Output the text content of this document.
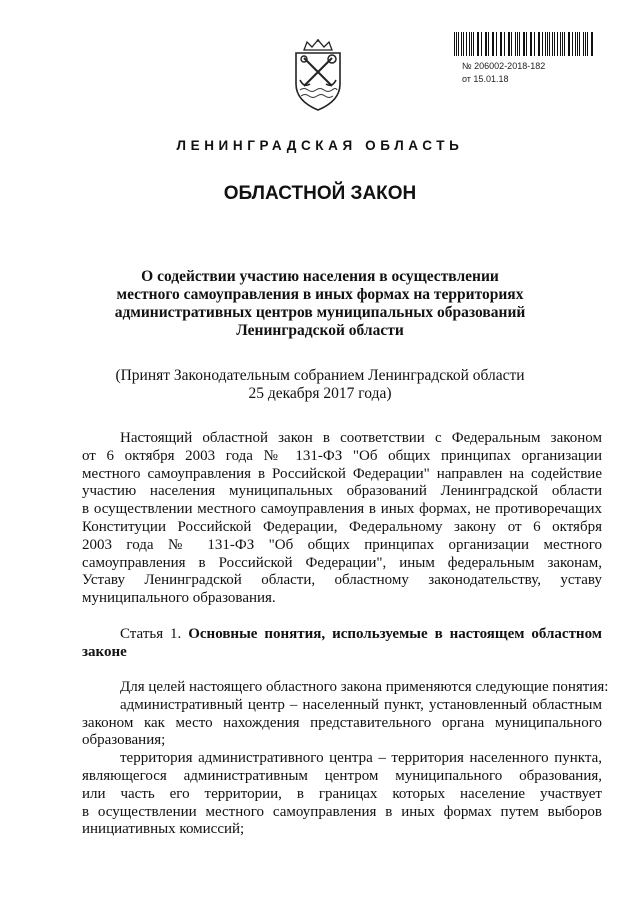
№ 206002-2018-182
от 15.01.18
ЛЕНИНГРАДСКАЯ ОБЛАСТЬ
ОБЛАСТНОЙ ЗАКОН
О содействии участию населения в осуществлении
местного самоуправления в иных формах на территориях
административных центров муниципальных образований
Ленинградской области
(Принят Законодательным собранием Ленинградской области
25 декабря 2017 года)
Настоящий областной закон в соответствии с Федеральным законом
от 6 октября 2003 года № 131-ФЗ "Об общих принципах организации
местного самоуправления в Российской Федерации" направлен на содействие
участию населения муниципальных образований Ленинградской области
в осуществлении местного самоуправления в иных формах, не противоречащих
Конституции Российской Федерации, Федеральному закону от 6 октября
2003 года № 131-ФЗ "Об общих принципах организации местного
самоуправления в Российской Федерации", иным федеральным законам,
Уставу Ленинградской области, областному законодательству, уставу
муниципального образования.
Статья 1. Основные понятия, используемые в настоящем областном
законе
Для целей настоящего областного закона применяются следующие понятия:
административный центр – населенный пункт, установленный областным
законом как место нахождения представительного органа муниципального
образования;
территория административного центра – территория населенного пункта,
являющегося административным центром муниципального образования,
или часть его территории, в границах которых население участвует
в осуществлении местного самоуправления в иных формах путем выборов
инициативных комиссий;
